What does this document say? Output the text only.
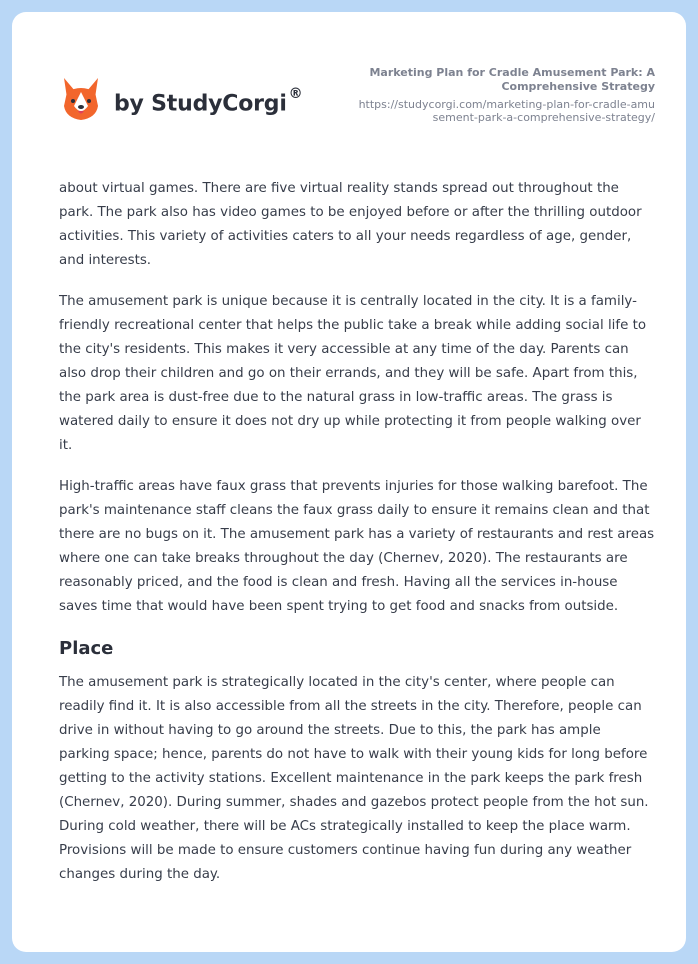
by StudyCorgi ®
Marketing Plan for Cradle Amusement Park: A Comprehensive Strategy
https://studycorgi.com/marketing-plan-for-cradle-amusement-park-a-comprehensive-strategy/

about virtual games. There are five virtual reality stands spread out throughout the park. The park also has video games to be enjoyed before or after the thrilling outdoor activities. This variety of activities caters to all your needs regardless of age, gender, and interests.

The amusement park is unique because it is centrally located in the city. It is a family-friendly recreational center that helps the public take a break while adding social life to the city's residents. This makes it very accessible at any time of the day. Parents can also drop their children and go on their errands, and they will be safe. Apart from this, the park area is dust-free due to the natural grass in low-traffic areas. The grass is watered daily to ensure it does not dry up while protecting it from people walking over it.

High-traffic areas have faux grass that prevents injuries for those walking barefoot. The park's maintenance staff cleans the faux grass daily to ensure it remains clean and that there are no bugs on it. The amusement park has a variety of restaurants and rest areas where one can take breaks throughout the day (Chernev, 2020). The restaurants are reasonably priced, and the food is clean and fresh. Having all the services in-house saves time that would have been spent trying to get food and snacks from outside.

Place

The amusement park is strategically located in the city's center, where people can readily find it. It is also accessible from all the streets in the city. Therefore, people can drive in without having to go around the streets. Due to this, the park has ample parking space; hence, parents do not have to walk with their young kids for long before getting to the activity stations. Excellent maintenance in the park keeps the park fresh (Chernev, 2020). During summer, shades and gazebos protect people from the hot sun. During cold weather, there will be ACs strategically installed to keep the place warm. Provisions will be made to ensure customers continue having fun during any weather changes during the day.
